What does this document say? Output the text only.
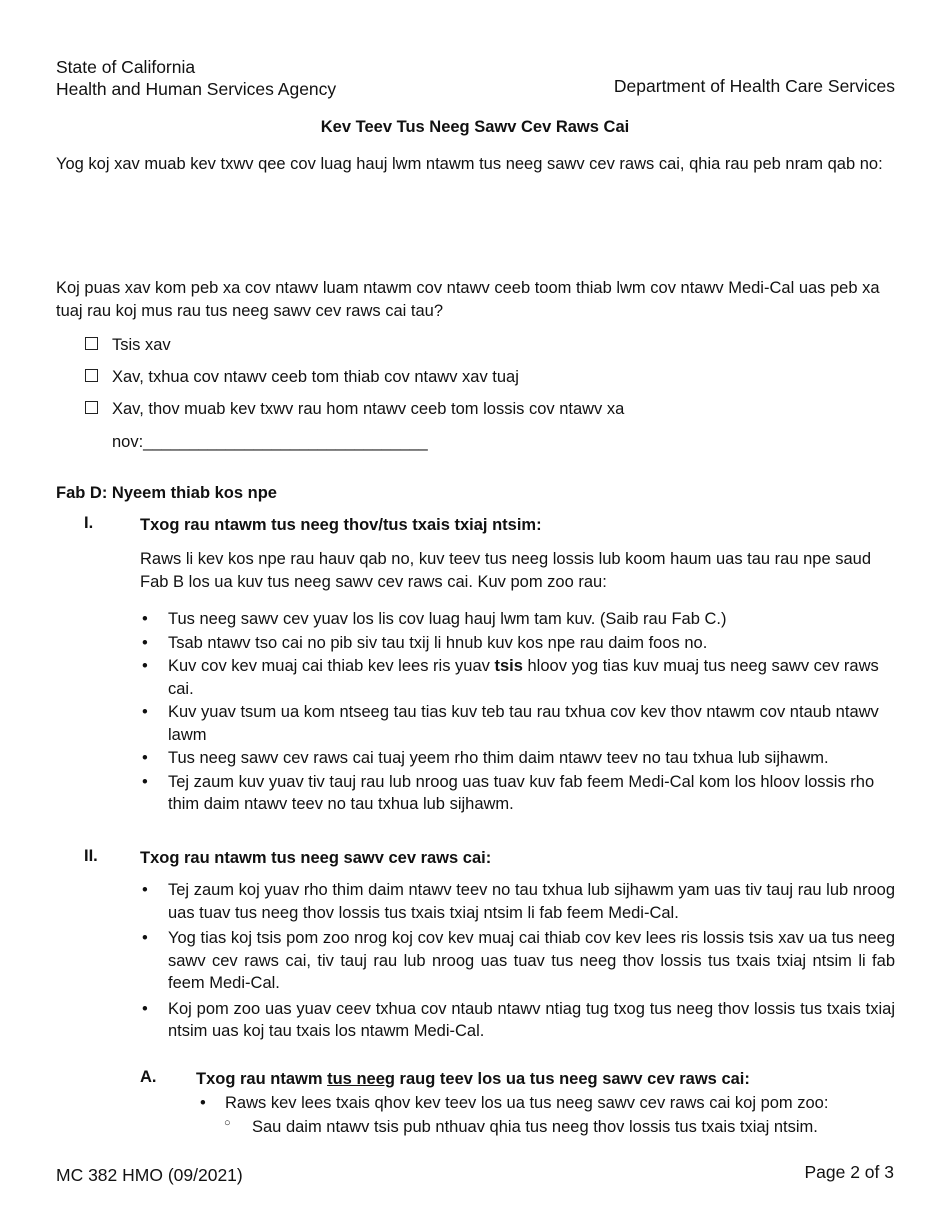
State of California
Health and Human Services Agency	Department of Health Care Services
Kev Teev Tus Neeg Sawv Cev Raws Cai
Yog koj xav muab kev txwv qee cov luag hauj lwm ntawm tus neeg sawv cev raws cai, qhia rau peb nram qab no:
Koj puas xav kom peb xa cov ntawv luam ntawm cov ntawv ceeb toom thiab lwm cov ntawv Medi-Cal uas peb xa tuaj rau koj mus rau tus neeg sawv cev raws cai tau?
Tsis xav
Xav, txhua cov ntawv ceeb tom thiab cov ntawv xav tuaj
Xav, thov muab kev txwv rau hom ntawv ceeb tom lossis cov ntawv xa
nov:_______________________________
Fab D: Nyeem thiab kos npe
I.	Txog rau ntawm tus neeg thov/tus txais txiaj ntsim:
Raws li kev kos npe rau hauv qab no, kuv teev tus neeg lossis lub koom haum uas tau rau npe saud Fab B los ua kuv tus neeg sawv cev raws cai. Kuv pom zoo rau:
• Tus neeg sawv cev yuav los lis cov luag hauj lwm tam kuv. (Saib rau Fab C.)
• Tsab ntawv tso cai no pib siv tau txij li hnub kuv kos npe rau daim foos no.
• Kuv cov kev muaj cai thiab kev lees ris yuav tsis hloov yog tias kuv muaj tus neeg sawv cev raws cai.
• Kuv yuav tsum ua kom ntseeg tau tias kuv teb tau rau txhua cov kev thov ntawm cov ntaub ntawv lawm
• Tus neeg sawv cev raws cai tuaj yeem rho thim daim ntawv teev no tau txhua lub sijhawm.
• Tej zaum kuv yuav tiv tauj rau lub nroog uas tuav kuv fab feem Medi-Cal kom los hloov lossis rho thim daim ntawv teev no tau txhua lub sijhawm.
II.	Txog rau ntawm tus neeg sawv cev raws cai:
• Tej zaum koj yuav rho thim daim ntawv teev no tau txhua lub sijhawm yam uas tiv tauj rau lub nroog uas tuav tus neeg thov lossis tus txais txiaj ntsim li fab feem Medi-Cal.
• Yog tias koj tsis pom zoo nrog koj cov kev muaj cai thiab cov kev lees ris lossis tsis xav ua tus neeg sawv cev raws cai, tiv tauj rau lub nroog uas tuav tus neeg thov lossis tus txais txiaj ntsim li fab feem Medi-Cal.
• Koj pom zoo uas yuav ceev txhua cov ntaub ntawv ntiag tug txog tus neeg thov lossis tus txais txiaj ntsim uas koj tau txais los ntawm Medi-Cal.
A. Txog rau ntawm tus neeg raug teev los ua tus neeg sawv cev raws cai:
• Raws kev lees txais qhov kev teev los ua tus neeg sawv cev raws cai koj pom zoo:
○ Sau daim ntawv tsis pub nthuav qhia tus neeg thov lossis tus txais txiaj ntsim.
MC 382 HMO (09/2021)	Page 2 of 3
